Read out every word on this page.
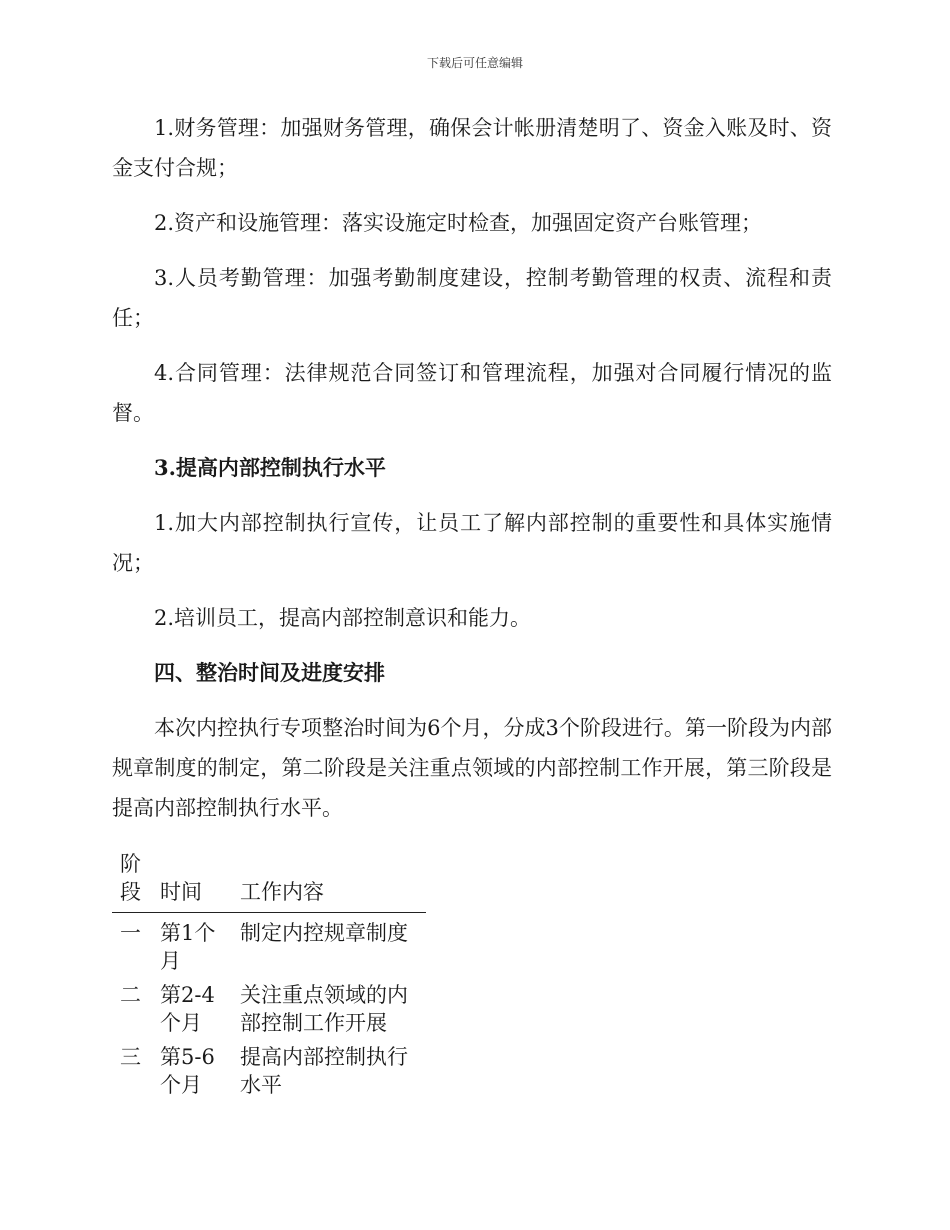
下载后可任意编辑

1.财务管理：加强财务管理，确保会计帐册清楚明了、资金入账及时、资金支付合规；

2.资产和设施管理：落实设施定时检查，加强固定资产台账管理；

3.人员考勤管理：加强考勤制度建设，控制考勤管理的权责、流程和责任；

4.合同管理：法律规范合同签订和管理流程，加强对合同履行情况的监督。

3.提高内部控制执行水平

1.加大内部控制执行宣传，让员工了解内部控制的重要性和具体实施情况；

2.培训员工，提高内部控制意识和能力。

四、整治时间及进度安排

本次内控执行专项整治时间为6个月，分成3个阶段进行。第一阶段为内部规章制度的制定，第二阶段是关注重点领域的内部控制工作开展，第三阶段是提高内部控制执行水平。

阶段	时间	工作内容
一	第1个月	制定内控规章制度
二	第2-4个月	关注重点领域的内部控制工作开展
三	第5-6个月	提高内部控制执行水平
